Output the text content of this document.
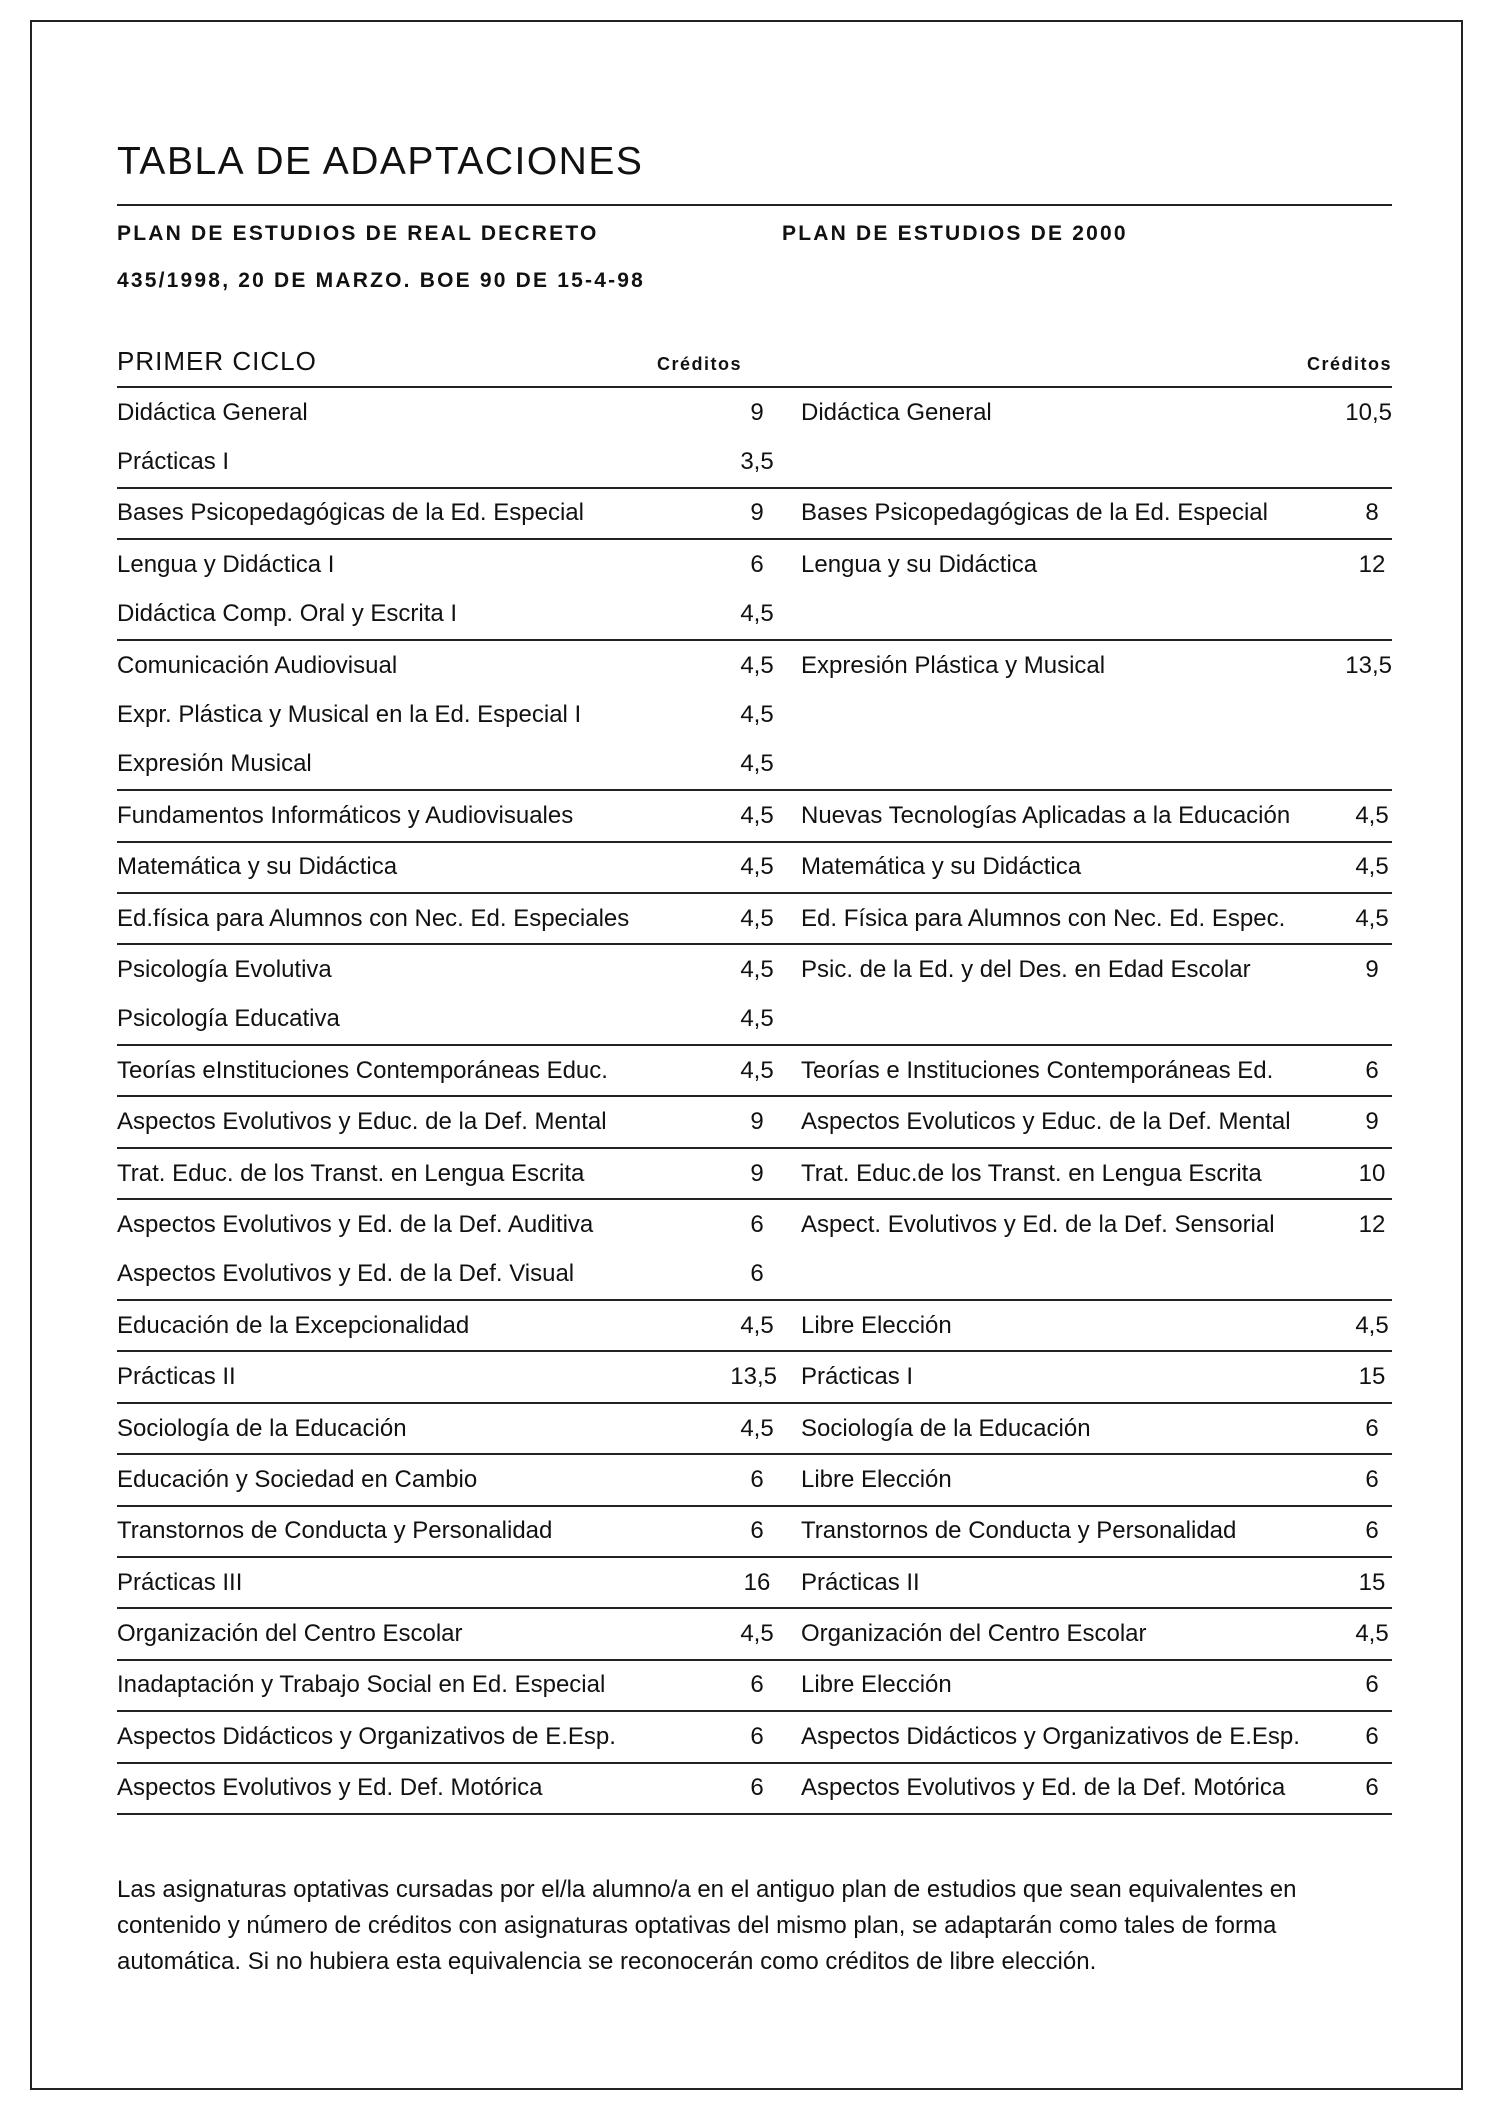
TABLA DE ADAPTACIONES
PLAN DE ESTUDIOS DE REAL DECRETO
435/1998, 20 DE MARZO. BOE 90 DE 15-4-98
PLAN DE ESTUDIOS DE 2000
PRIMER CICLO	Créditos	Créditos
Didáctica General	9	Didáctica General	10,5
Prácticas I	3,5
Bases Psicopedagógicas de la Ed. Especial	9	Bases Psicopedagógicas de la Ed. Especial	8
Lengua y Didáctica I	6	Lengua y su Didáctica	12
Didáctica Comp. Oral y Escrita I	4,5
Comunicación Audiovisual	4,5	Expresión Plástica y Musical	13,5
Expr. Plástica y Musical en la Ed. Especial I	4,5
Expresión Musical	4,5
Fundamentos Informáticos y Audiovisuales	4,5	Nuevas Tecnologías Aplicadas a la Educación	4,5
Matemática y su Didáctica	4,5	Matemática y su Didáctica	4,5
Ed.física para Alumnos con Nec. Ed. Especiales	4,5	Ed. Física para Alumnos con Nec. Ed. Espec.	4,5
Psicología Evolutiva	4,5	Psic. de la Ed. y del Des. en Edad Escolar	9
Psicología Educativa	4,5
Teorías eInstituciones Contemporáneas Educ.	4,5	Teorías e Instituciones Contemporáneas Ed.	6
Aspectos Evolutivos y Educ. de la Def. Mental	9	Aspectos Evoluticos y Educ. de la Def. Mental	9
Trat. Educ. de los Transt. en Lengua Escrita	9	Trat. Educ.de los Transt. en Lengua Escrita	10
Aspectos Evolutivos y Ed. de la Def. Auditiva	6	Aspect. Evolutivos y Ed. de la Def. Sensorial	12
Aspectos Evolutivos y Ed. de la Def. Visual	6
Educación de la Excepcionalidad	4,5	Libre Elección	4,5
Prácticas II	13,5	Prácticas I	15
Sociología de la Educación	4,5	Sociología de la Educación	6
Educación y Sociedad en Cambio	6	Libre Elección	6
Transtornos de Conducta y Personalidad	6	Transtornos de Conducta y Personalidad	6
Prácticas III	16	Prácticas II	15
Organización del Centro Escolar	4,5	Organización del Centro Escolar	4,5
Inadaptación y Trabajo Social en Ed. Especial	6	Libre Elección	6
Aspectos Didácticos y Organizativos de E.Esp.	6	Aspectos Didácticos y Organizativos de E.Esp.	6
Aspectos Evolutivos y Ed. Def. Motórica	6	Aspectos Evolutivos y Ed. de la Def. Motórica	6

Las asignaturas optativas cursadas por el/la alumno/a en el antiguo plan de estudios que sean equivalentes en contenido y número de créditos con asignaturas optativas del mismo plan, se adaptarán como tales de forma automática. Si no hubiera esta equivalencia se reconocerán como créditos de libre elección.
